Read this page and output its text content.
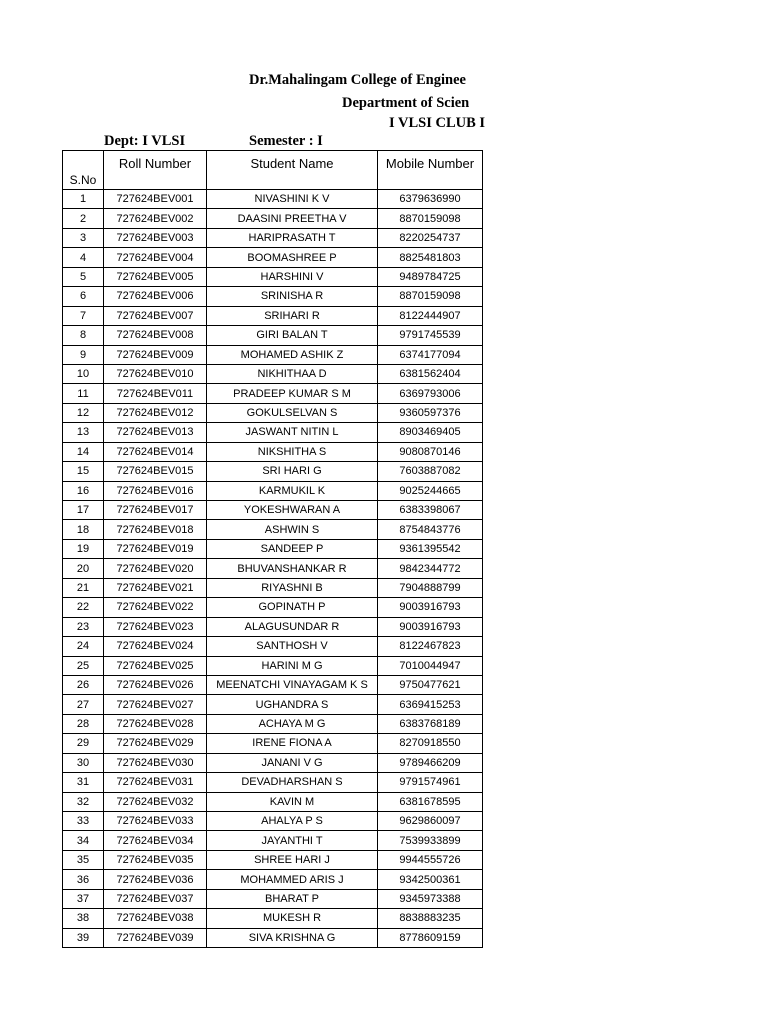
Dr.Mahalingam College of Enginee
Department of Scien
I VLSI CLUB I
Dept: I VLSI	Semester : I
S.No	Roll Number	Student Name	Mobile Number
1	727624BEV001	NIVASHINI K V	6379636990
2	727624BEV002	DAASINI PREETHA V	8870159098
3	727624BEV003	HARIPRASATH T	8220254737
4	727624BEV004	BOOMASHREE P	8825481803
5	727624BEV005	HARSHINI V	9489784725
6	727624BEV006	SRINISHA R	8870159098
7	727624BEV007	SRIHARI R	8122444907
8	727624BEV008	GIRI BALAN T	9791745539
9	727624BEV009	MOHAMED ASHIK Z	6374177094
10	727624BEV010	NIKHITHAA D	6381562404
11	727624BEV011	PRADEEP KUMAR S M	6369793006
12	727624BEV012	GOKULSELVAN S	9360597376
13	727624BEV013	JASWANT NITIN L	8903469405
14	727624BEV014	NIKSHITHA S	9080870146
15	727624BEV015	SRI HARI G	7603887082
16	727624BEV016	KARMUKIL K	9025244665
17	727624BEV017	YOKESHWARAN A	6383398067
18	727624BEV018	ASHWIN S	8754843776
19	727624BEV019	SANDEEP P	9361395542
20	727624BEV020	BHUVANSHANKAR R	9842344772
21	727624BEV021	RIYASHNI B	7904888799
22	727624BEV022	GOPINATH P	9003916793
23	727624BEV023	ALAGUSUNDAR R	9003916793
24	727624BEV024	SANTHOSH V	8122467823
25	727624BEV025	HARINI M G	7010044947
26	727624BEV026	MEENATCHI VINAYAGAM K S	9750477621
27	727624BEV027	UGHANDRA S	6369415253
28	727624BEV028	ACHAYA M G	6383768189
29	727624BEV029	IRENE FIONA A	8270918550
30	727624BEV030	JANANI V G	9789466209
31	727624BEV031	DEVADHARSHAN S	9791574961
32	727624BEV032	KAVIN M	6381678595
33	727624BEV033	AHALYA P S	9629860097
34	727624BEV034	JAYANTHI T	7539933899
35	727624BEV035	SHREE HARI J	9944555726
36	727624BEV036	MOHAMMED ARIS J	9342500361
37	727624BEV037	BHARAT P	9345973388
38	727624BEV038	MUKESH R	8838883235
39	727624BEV039	SIVA KRISHNA G	8778609159
